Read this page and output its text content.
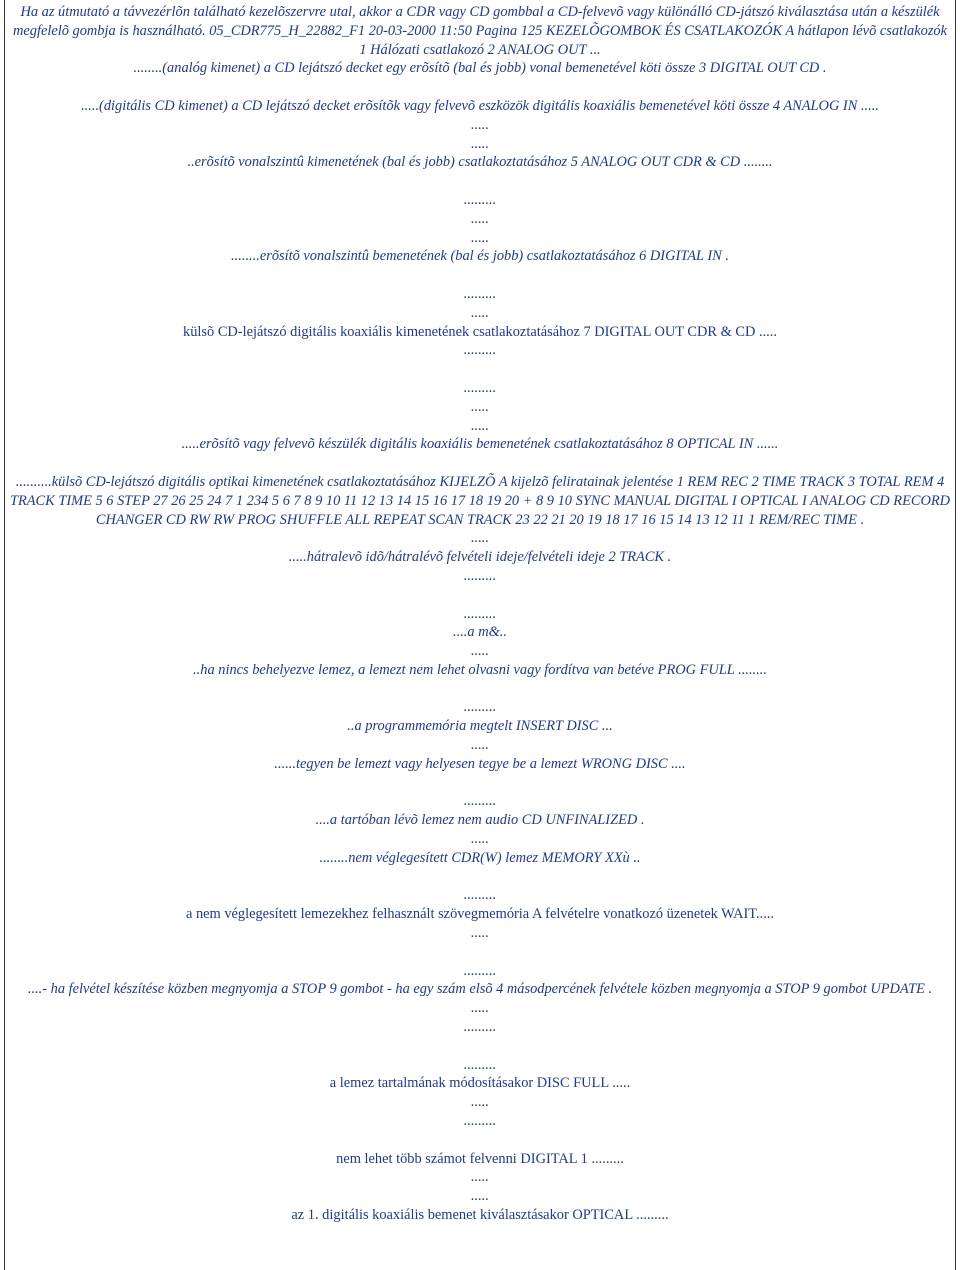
Ha az útmutató a távvezérlõn található kezelõszervre utal, akkor a CDR vagy CD gombbal a CD-felvevõ vagy különálló CD-játszó kiválasztása után a készülék megfelelõ gombja is használható. 05_CDR775_H_22882_F1 20-03-2000 11:50 Pagina 125 KEZELÕGOMBOK ÉS CSATLAKOZÓK A hátlapon lévõ csatlakozók 1 Hálózati csatlakozó 2 ANALOG OUT ...

........(analóg kimenet) a CD lejátszó decket egy erõsítõ (bal és jobb) vonal bemenetével köti össze 3 DIGITAL OUT CD .

.....(digitális CD kimenet) a CD lejátszó decket erõsítõk vagy felvevõ eszközök digitális koaxiális bemenetével köti össze 4 ANALOG IN .....

.....

.....

..erõsítõ vonalszintû kimenetének (bal és jobb) csatlakoztatásához 5 ANALOG OUT CDR & CD ........

.........

.....

.....

........erõsítõ vonalszintû bemenetének (bal és jobb) csatlakoztatásához 6 DIGITAL IN .

.........

.....

külsõ CD-lejátszó digitális koaxiális kimenetének csatlakoztatásához 7 DIGITAL OUT CDR & CD .....

.........

.........

.....

.....

.....erõsítõ vagy felvevõ készülék digitális koaxiális bemenetének csatlakoztatásához 8 OPTICAL IN ......

..........külsõ CD-lejátszó digitális optikai kimenetének csatlakoztatásához KIJELZÕ A kijelzõ feliratainak jelentése 1 REM REC 2 TIME TRACK 3 TOTAL REM 4 TRACK TIME 5 6 STEP 27 26 25 24 7 1 234 5 6 7 8 9 10 11 12 13 14 15 16 17 18 19 20 + 8 9 10 SYNC MANUAL DIGITAL I OPTICAL I ANALOG CD RECORD CHANGER CD RW RW PROG SHUFFLE ALL REPEAT SCAN TRACK 23 22 21 20 19 18 17 16 15 14 13 12 11 1 REM/REC TIME .

.....

.....hátralevõ idõ/hátralévõ felvételi ideje/felvételi ideje 2 TRACK .

.........

.........

....a m&..

.....

..ha nincs behelyezve lemez, a lemezt nem lehet olvasni vagy fordítva van betéve PROG FULL ........

.........

..a programmemória megtelt INSERT DISC ...

.....

......tegyen be lemezt vagy helyesen tegye be a lemezt WRONG DISC ....

.........

....a tartóban lévõ lemez nem audio CD UNFINALIZED .

.....

........nem véglegesített CDR(W) lemez MEMORY XXù ..

.........

a nem véglegesített lemezekhez felhasznált szövegmemória A felvételre vonatkozó üzenetek WAIT.....

.....

.........

....- ha felvétel készítése közben megnyomja a STOP 9 gombot - ha egy szám elsõ 4 másodpercének felvétele közben megnyomja a STOP 9 gombot UPDATE .

.....

.........

.........

a lemez tartalmának módosításakor DISC FULL .....

.....

.........

nem lehet több számot felvenni DIGITAL 1 .........

.....

.....

az 1. digitális koaxiális bemenet kiválasztásakor OPTICAL .........
